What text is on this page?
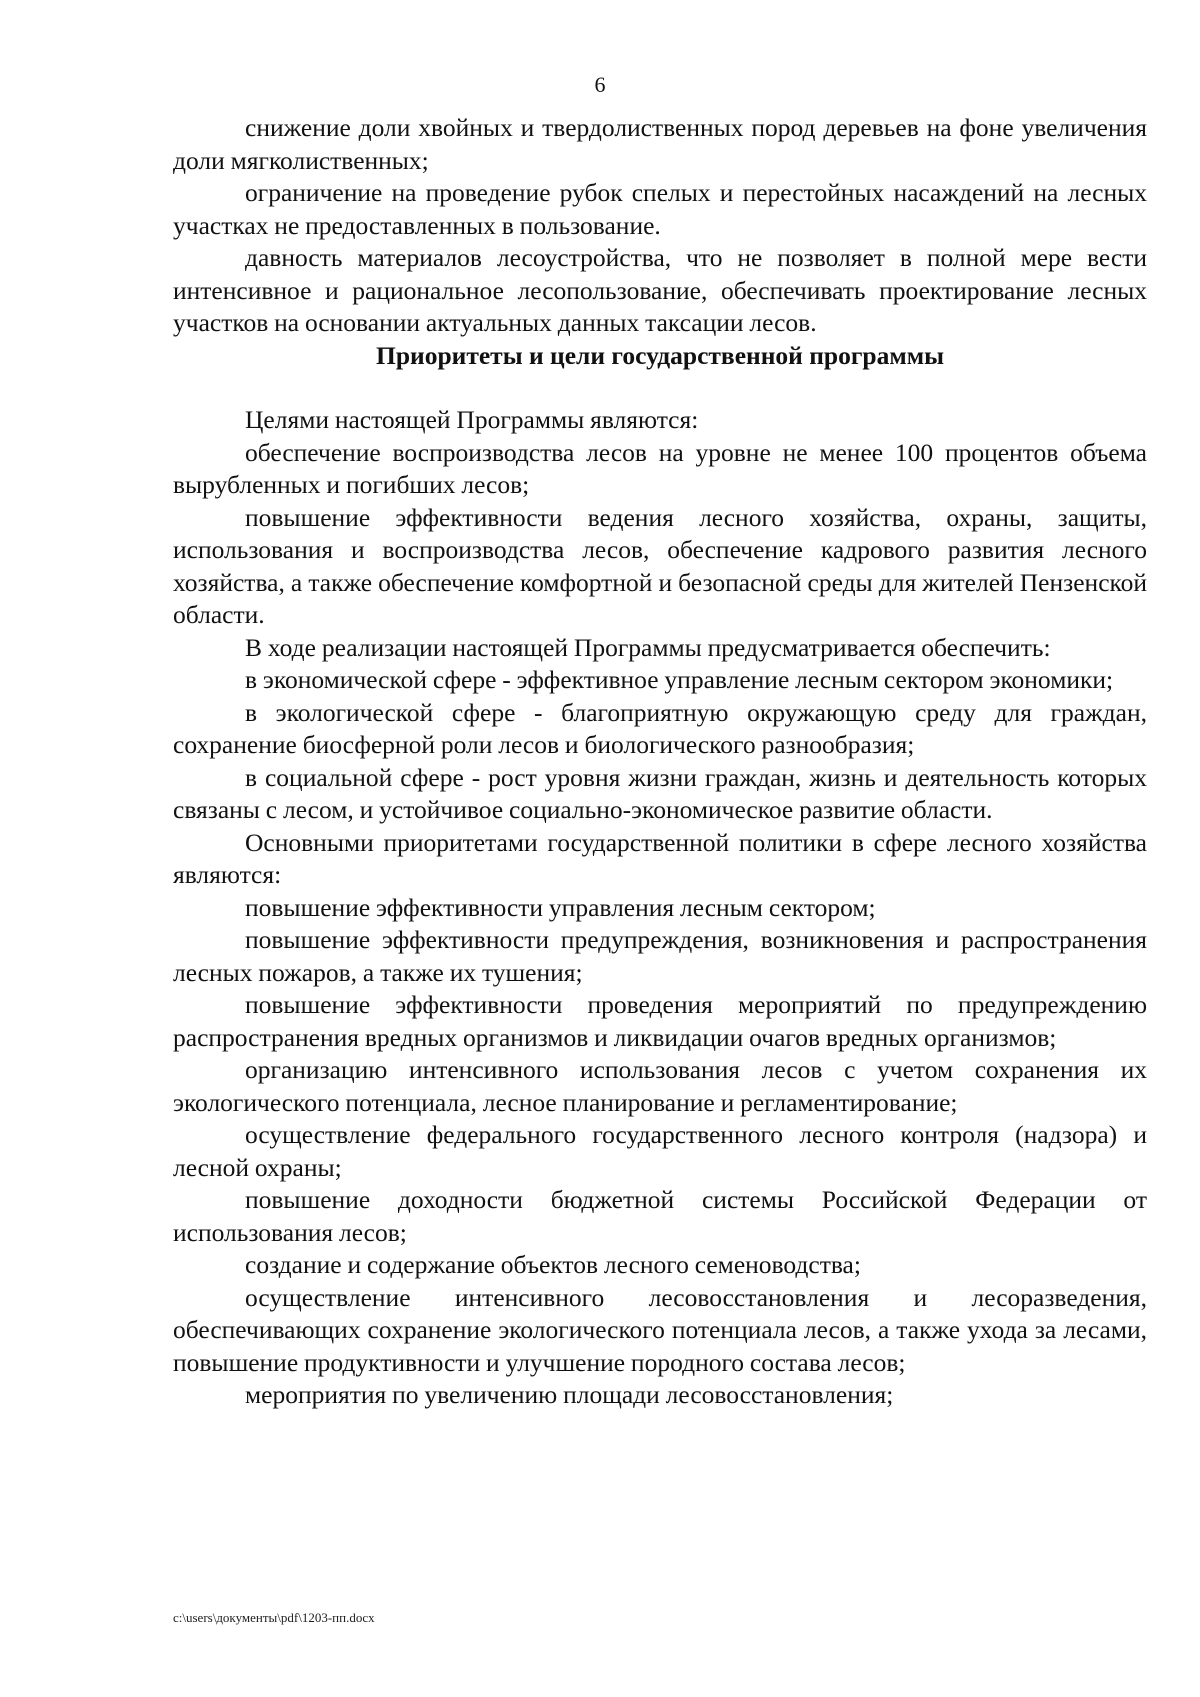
6

снижение доли хвойных и твердолиственных пород деревьев на фоне увеличения доли мягколиственных;

ограничение на проведение рубок спелых и перестойных насаждений на лесных участках не предоставленных в пользование.

давность материалов лесоустройства, что не позволяет в полной мере вести интенсивное и рациональное лесопользование, обеспечивать проектирование лесных участков на основании актуальных данных таксации лесов.

Приоритеты и цели государственной программы

Целями настоящей Программы являются:

обеспечение воспроизводства лесов на уровне не менее 100 процентов объема вырубленных и погибших лесов;

повышение эффективности ведения лесного хозяйства, охраны, защиты, использования и воспроизводства лесов, обеспечение кадрового развития лесного хозяйства, а также обеспечение комфортной и безопасной среды для жителей Пензенской области.

В ходе реализации настоящей Программы предусматривается обеспечить:

в экономической сфере - эффективное управление лесным сектором экономики;

в экологической сфере - благоприятную окружающую среду для граждан, сохранение биосферной роли лесов и биологического разнообразия;

в социальной сфере - рост уровня жизни граждан, жизнь и деятельность которых связаны с лесом, и устойчивое социально-экономическое развитие области.

Основными приоритетами государственной политики в сфере лесного хозяйства являются:

повышение эффективности управления лесным сектором;

повышение эффективности предупреждения, возникновения и распространения лесных пожаров, а также их тушения;

повышение эффективности проведения мероприятий по предупреждению распространения вредных организмов и ликвидации очагов вредных организмов;

организацию интенсивного использования лесов с учетом сохранения их экологического потенциала, лесное планирование и регламентирование;

осуществление федерального государственного лесного контроля (надзора) и лесной охраны;

повышение доходности бюджетной системы Российской Федерации от использования лесов;

создание и содержание объектов лесного семеноводства;

осуществление интенсивного лесовосстановления и лесоразведения, обеспечивающих сохранение экологического потенциала лесов, а также ухода за лесами, повышение продуктивности и улучшение породного состава лесов;

мероприятия по увеличению площади лесовосстановления;

c:\users\документы\pdf\1203-пп.docx
